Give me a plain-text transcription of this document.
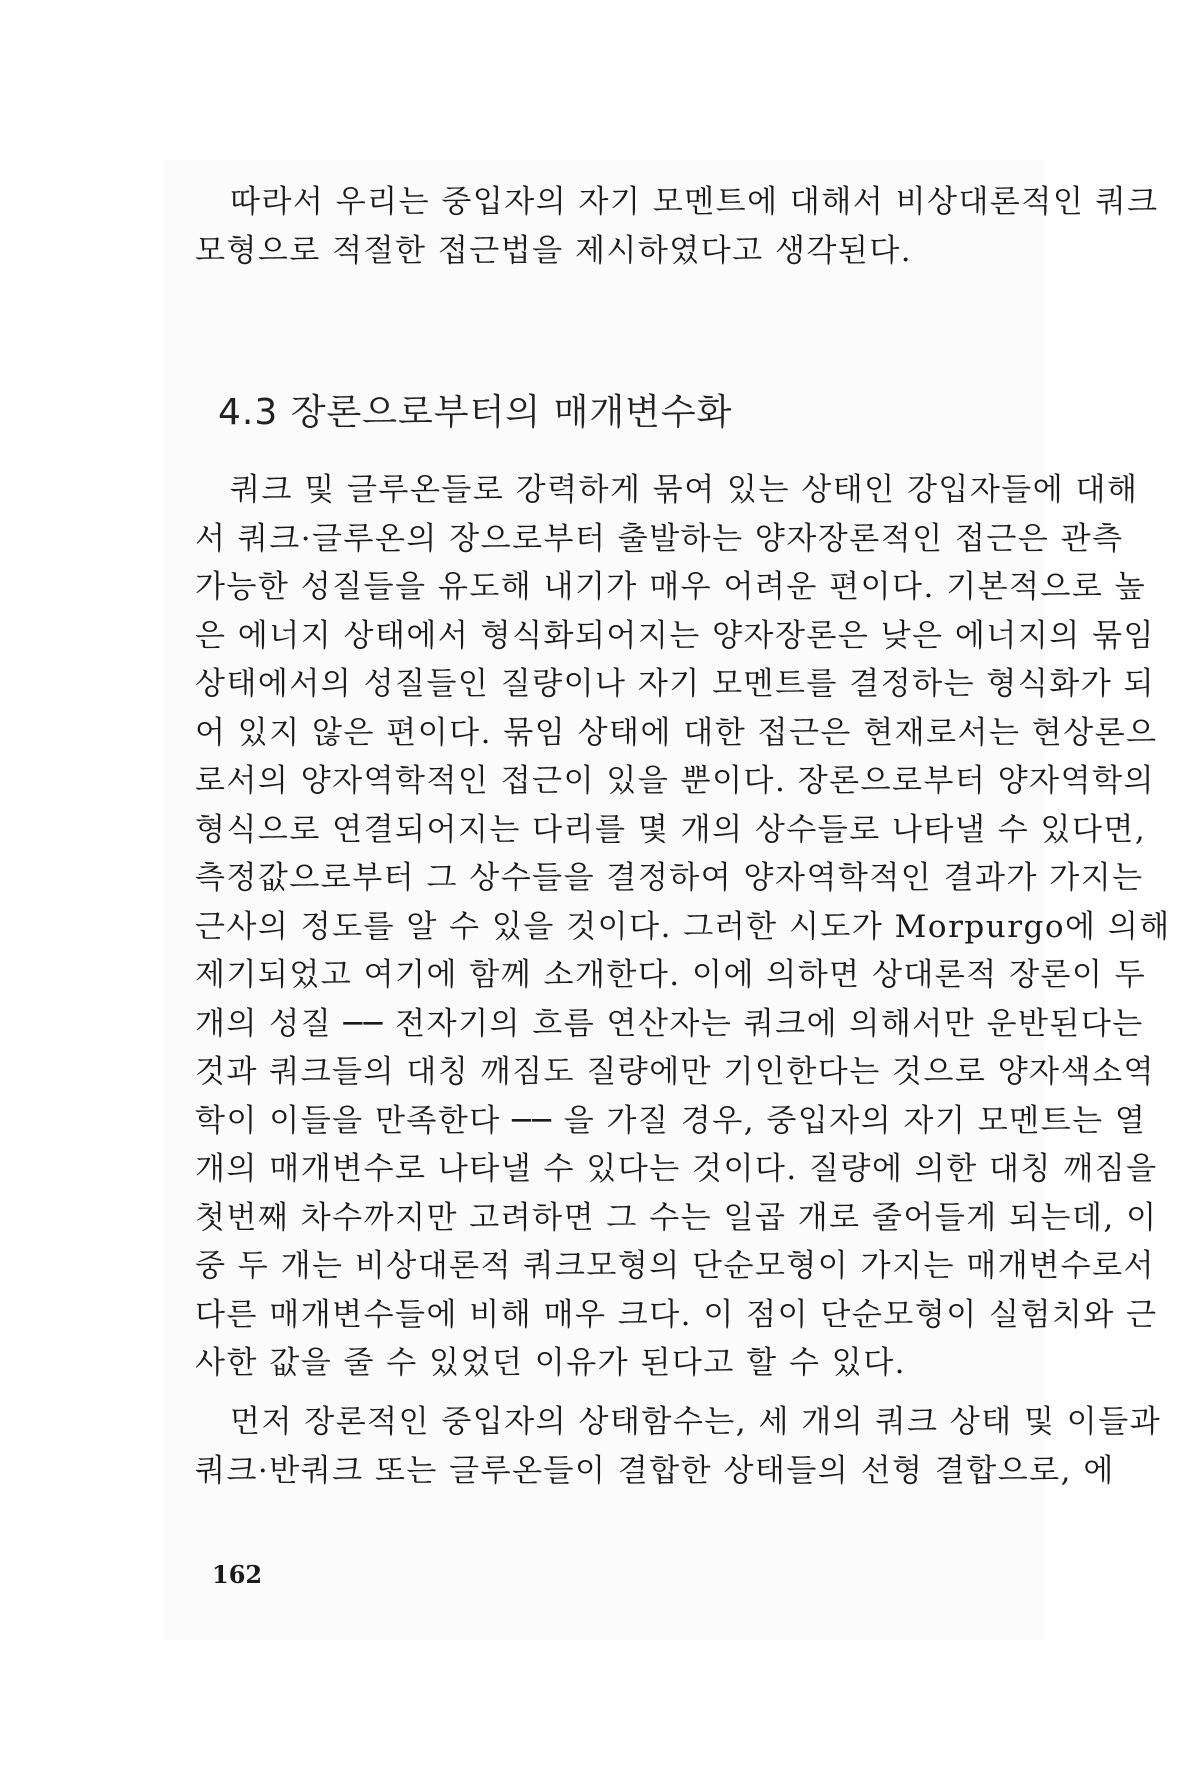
따라서 우리는 중입자의 자기 모멘트에 대해서 비상대론적인 쿼크
모형으로 적절한 접근법을 제시하였다고 생각된다.
4.3 장론으로부터의 매개변수화
쿼크 및 글루온들로 강력하게 묶여 있는 상태인 강입자들에 대해
서 쿼크·글루온의 장으로부터 출발하는 양자장론적인 접근은 관측
가능한 성질들을 유도해 내기가 매우 어려운 편이다. 기본적으로 높
은 에너지 상태에서 형식화되어지는 양자장론은 낮은 에너지의 묶임
상태에서의 성질들인 질량이나 자기 모멘트를 결정하는 형식화가 되
어 있지 않은 편이다. 묶임 상태에 대한 접근은 현재로서는 현상론으
로서의 양자역학적인 접근이 있을 뿐이다. 장론으로부터 양자역학의
형식으로 연결되어지는 다리를 몇 개의 상수들로 나타낼 수 있다면,
측정값으로부터 그 상수들을 결정하여 양자역학적인 결과가 가지는
근사의 정도를 알 수 있을 것이다. 그러한 시도가 Morpurgo에 의해
제기되었고 여기에 함께 소개한다. 이에 의하면 상대론적 장론이 두
개의 성질 ── 전자기의 흐름 연산자는 쿼크에 의해서만 운반된다는
것과 쿼크들의 대칭 깨짐도 질량에만 기인한다는 것으로 양자색소역
학이 이들을 만족한다 ── 을 가질 경우, 중입자의 자기 모멘트는 열
개의 매개변수로 나타낼 수 있다는 것이다. 질량에 의한 대칭 깨짐을
첫번째 차수까지만 고려하면 그 수는 일곱 개로 줄어들게 되는데, 이
중 두 개는 비상대론적 쿼크모형의 단순모형이 가지는 매개변수로서
다른 매개변수들에 비해 매우 크다. 이 점이 단순모형이 실험치와 근
사한 값을 줄 수 있었던 이유가 된다고 할 수 있다.
먼저 장론적인 중입자의 상태함수는, 세 개의 쿼크 상태 및 이들과
쿼크·반쿼크 또는 글루온들이 결합한 상태들의 선형 결합으로, 에
162
